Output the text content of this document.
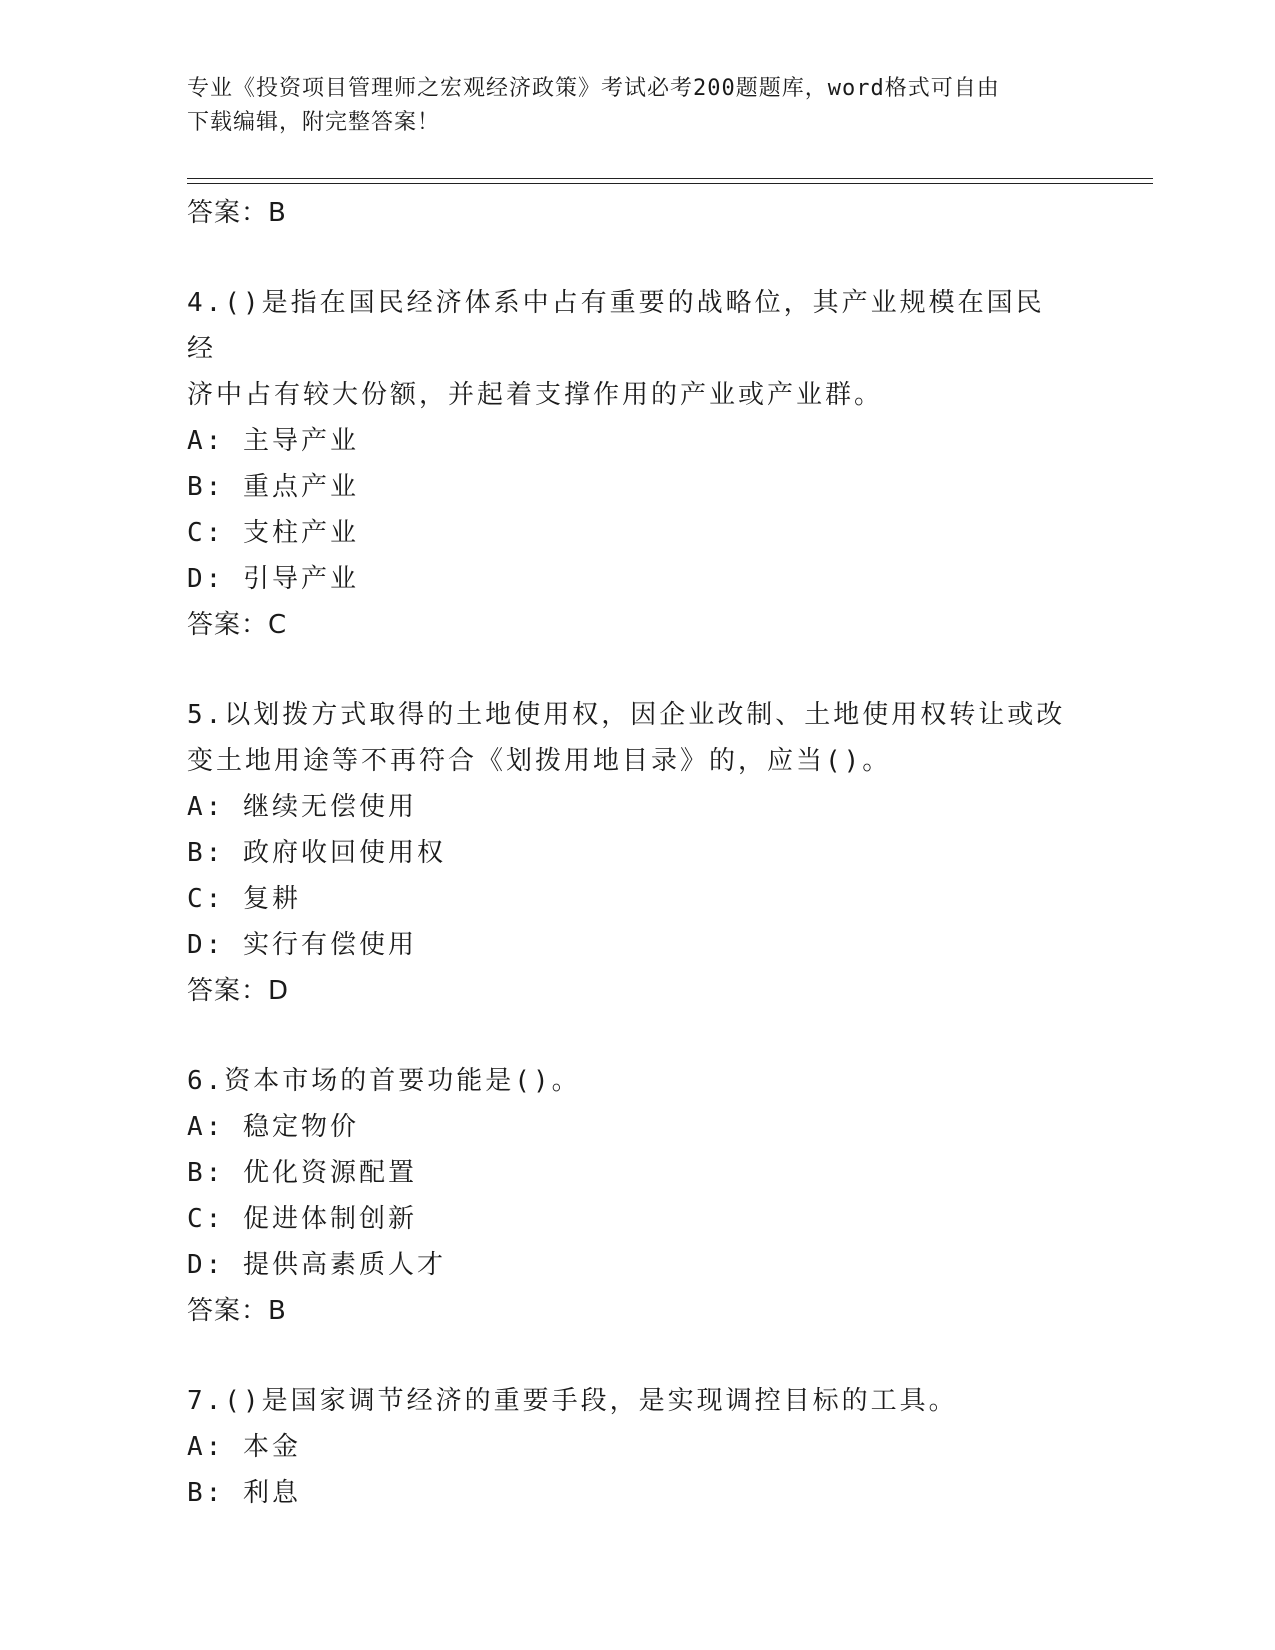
专业《投资项目管理师之宏观经济政策》考试必考200题题库，word格式可自由
下载编辑，附完整答案！
答案：B
4.()是指在国民经济体系中占有重要的战略位，其产业规模在国民经
济中占有较大份额，并起着支撑作用的产业或产业群。
A: 主导产业
B: 重点产业
C: 支柱产业
D: 引导产业
答案：C
5.以划拨方式取得的土地使用权，因企业改制、土地使用权转让或改
变土地用途等不再符合《划拨用地目录》的，应当()。
A: 继续无偿使用
B: 政府收回使用权
C: 复耕
D: 实行有偿使用
答案：D
6.资本市场的首要功能是()。
A: 稳定物价
B: 优化资源配置
C: 促进体制创新
D: 提供高素质人才
答案：B
7.()是国家调节经济的重要手段，是实现调控目标的工具。
A: 本金
B: 利息
